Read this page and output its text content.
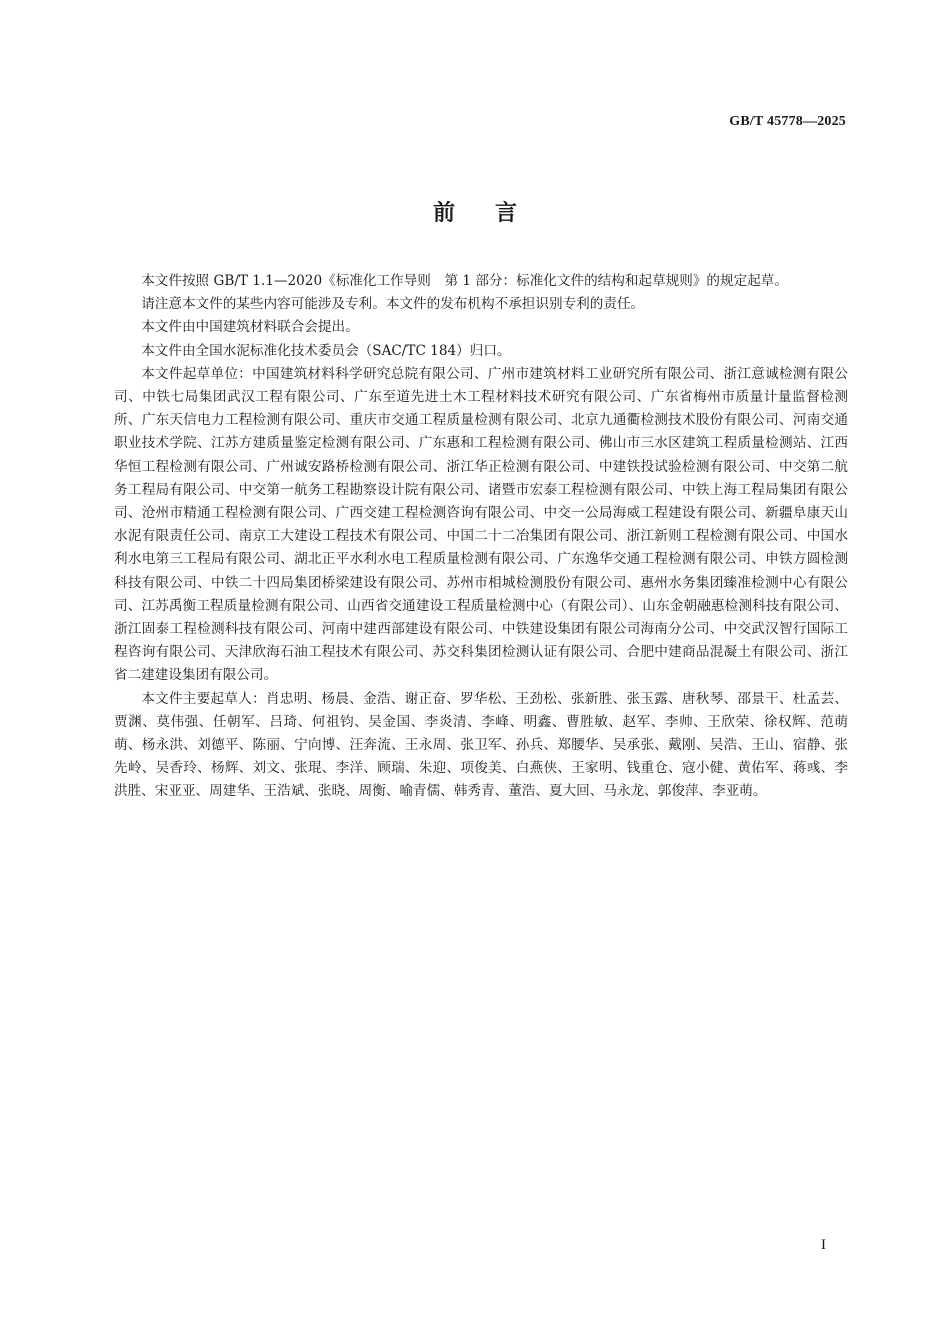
GB/T 45778—2025
前言

本文件按照 GB/T 1.1—2020《标准化工作导则　第 1 部分：标准化文件的结构和起草规则》的规定起草。

请注意本文件的某些内容可能涉及专利。本文件的发布机构不承担识别专利的责任。

本文件由中国建筑材料联合会提出。

本文件由全国水泥标准化技术委员会（SAC/TC 184）归口。

本文件起草单位：中国建筑材料科学研究总院有限公司、广州市建筑材料工业研究所有限公司、浙江意诚检测有限公司、中铁七局集团武汉工程有限公司、广东至道先进土木工程材料技术研究有限公司、广东省梅州市质量计量监督检测所、广东天信电力工程检测有限公司、重庆市交通工程质量检测有限公司、北京九通衢检测技术股份有限公司、河南交通职业技术学院、江苏方建质量鉴定检测有限公司、广东惠和工程检测有限公司、佛山市三水区建筑工程质量检测站、江西华恒工程检测有限公司、广州诚安路桥检测有限公司、浙江华正检测有限公司、中建铁投试验检测有限公司、中交第二航务工程局有限公司、中交第一航务工程勘察设计院有限公司、诸暨市宏泰工程检测有限公司、中铁上海工程局集团有限公司、沧州市精通工程检测有限公司、广西交建工程检测咨询有限公司、中交一公局海威工程建设有限公司、新疆阜康天山水泥有限责任公司、南京工大建设工程技术有限公司、中国二十二冶集团有限公司、浙江新则工程检测有限公司、中国水利水电第三工程局有限公司、湖北正平水利水电工程质量检测有限公司、广东逸华交通工程检测有限公司、申铁方圆检测科技有限公司、中铁二十四局集团桥梁建设有限公司、苏州市相城检测股份有限公司、惠州水务集团臻准检测中心有限公司、江苏禹衡工程质量检测有限公司、山西省交通建设工程质量检测中心（有限公司）、山东金朝融惠检测科技有限公司、浙江固泰工程检测科技有限公司、河南中建西部建设有限公司、中铁建设集团有限公司海南分公司、中交武汉智行国际工程咨询有限公司、天津欣海石油工程技术有限公司、苏交科集团检测认证有限公司、合肥中建商品混凝土有限公司、浙江省二建建设集团有限公司。

本文件主要起草人：肖忠明、杨晨、金浩、谢正奋、罗华松、王劲松、张新胜、张玉露、唐秋琴、邵景干、杜孟芸、贾渊、莫伟强、任朝军、吕琦、何祖钧、吴金国、李炎清、李峰、明鑫、曹胜敏、赵军、李帅、王欣荣、徐权辉、范萌萌、杨永洪、刘德平、陈丽、宁向博、汪奔流、王永周、张卫军、孙兵、郑腰华、吴承张、戴刚、吴浩、王山、宿静、张先岭、吴香玲、杨辉、刘文、张琨、李洋、顾瑞、朱迎、项俊美、白燕侠、王家明、钱重仓、寇小健、黄佑军、蒋彧、李洪胜、宋亚亚、周建华、王浩斌、张晓、周衡、喻青儒、韩秀青、董浩、夏大回、马永龙、郭俊萍、李亚萌。

I
